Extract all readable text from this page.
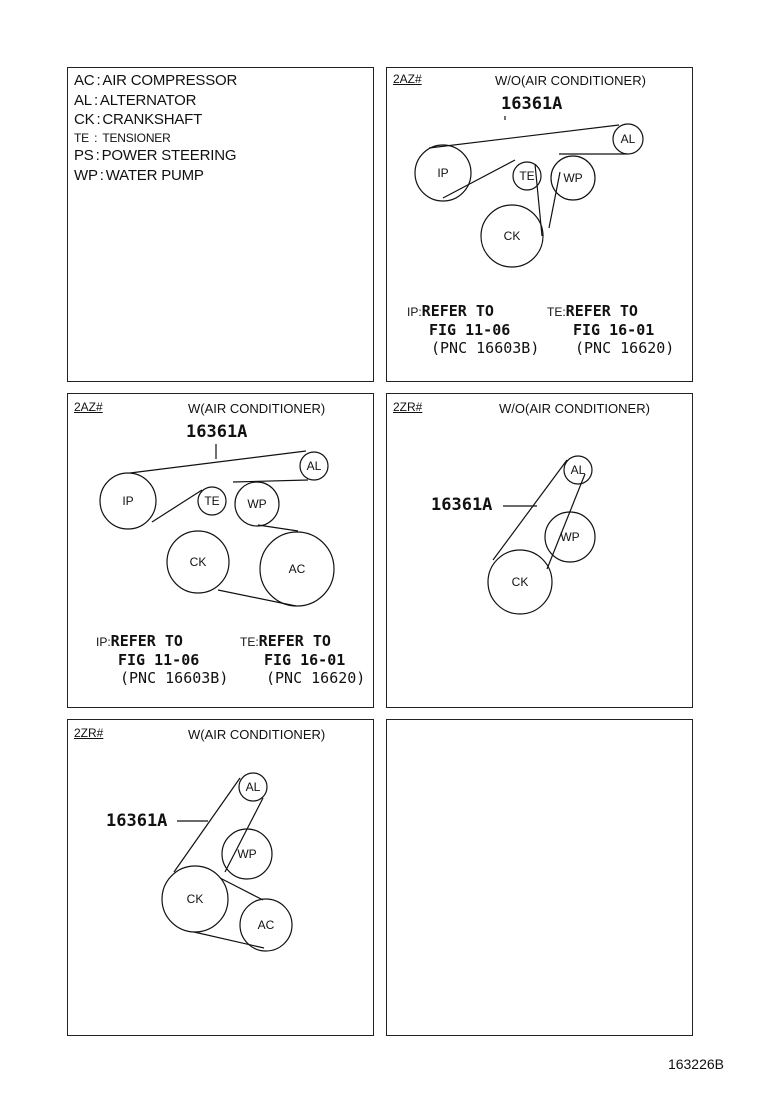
AC : AIR COMPRESSOR
AL : ALTERNATOR
CK : CRANKSHAFT
TE : TENSIONER
PS : POWER STEERING
WP : WATER PUMP
2AZ#	W/O(AIR CONDITIONER)
16361A
IP	TE WP
AL
CK
IP:REFER TO
FIG 11-06
(PNC 16603B)
TE:REFER TO
FIG 16-01
(PNC 16620)
2AZ#	W(AIR CONDITIONER)
16361A
IP	TE WP
AL
CK	AC
IP:REFER TO
FIG 11-06
(PNC 16603B)
TE:REFER TO
FIG 16-01
(PNC 16620)
2ZR#	W/O(AIR CONDITIONER)
16361A
AL
WP
CK
2ZR#	W(AIR CONDITIONER)
16361A
AL
WP
CK
AC
163226B
